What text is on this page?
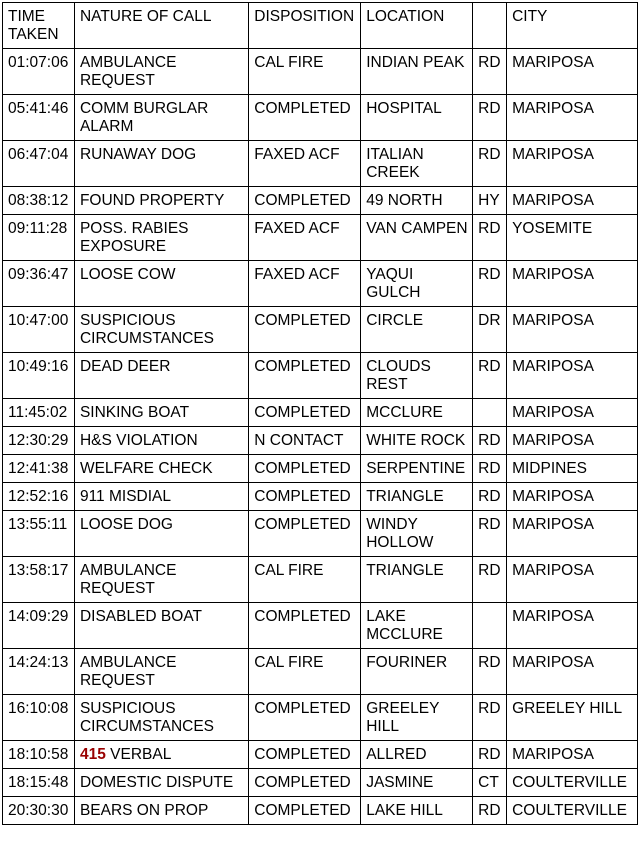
TIME TAKEN	NATURE OF CALL	DISPOSITION	LOCATION		CITY
01:07:06	AMBULANCE REQUEST	CAL FIRE	INDIAN PEAK	RD	MARIPOSA
05:41:46	COMM BURGLAR ALARM	COMPLETED	HOSPITAL	RD	MARIPOSA
06:47:04	RUNAWAY DOG	FAXED ACF	ITALIAN CREEK	RD	MARIPOSA
08:38:12	FOUND PROPERTY	COMPLETED	49 NORTH	HY	MARIPOSA
09:11:28	POSS. RABIES EXPOSURE	FAXED ACF	VAN CAMPEN	RD	YOSEMITE
09:36:47	LOOSE COW	FAXED ACF	YAQUI GULCH	RD	MARIPOSA
10:47:00	SUSPICIOUS CIRCUMSTANCES	COMPLETED	CIRCLE	DR	MARIPOSA
10:49:16	DEAD DEER	COMPLETED	CLOUDS REST	RD	MARIPOSA
11:45:02	SINKING BOAT	COMPLETED	MCCLURE		MARIPOSA
12:30:29	H&S VIOLATION	N CONTACT	WHITE ROCK	RD	MARIPOSA
12:41:38	WELFARE CHECK	COMPLETED	SERPENTINE	RD	MIDPINES
12:52:16	911 MISDIAL	COMPLETED	TRIANGLE	RD	MARIPOSA
13:55:11	LOOSE DOG	COMPLETED	WINDY HOLLOW	RD	MARIPOSA
13:58:17	AMBULANCE REQUEST	CAL FIRE	TRIANGLE	RD	MARIPOSA
14:09:29	DISABLED BOAT	COMPLETED	LAKE MCCLURE		MARIPOSA
14:24:13	AMBULANCE REQUEST	CAL FIRE	FOURINER	RD	MARIPOSA
16:10:08	SUSPICIOUS CIRCUMSTANCES	COMPLETED	GREELEY HILL	RD	GREELEY HILL
18:10:58	415 VERBAL	COMPLETED	ALLRED	RD	MARIPOSA
18:15:48	DOMESTIC DISPUTE	COMPLETED	JASMINE	CT	COULTERVILLE
20:30:30	BEARS ON PROP	COMPLETED	LAKE HILL	RD	COULTERVILLE
